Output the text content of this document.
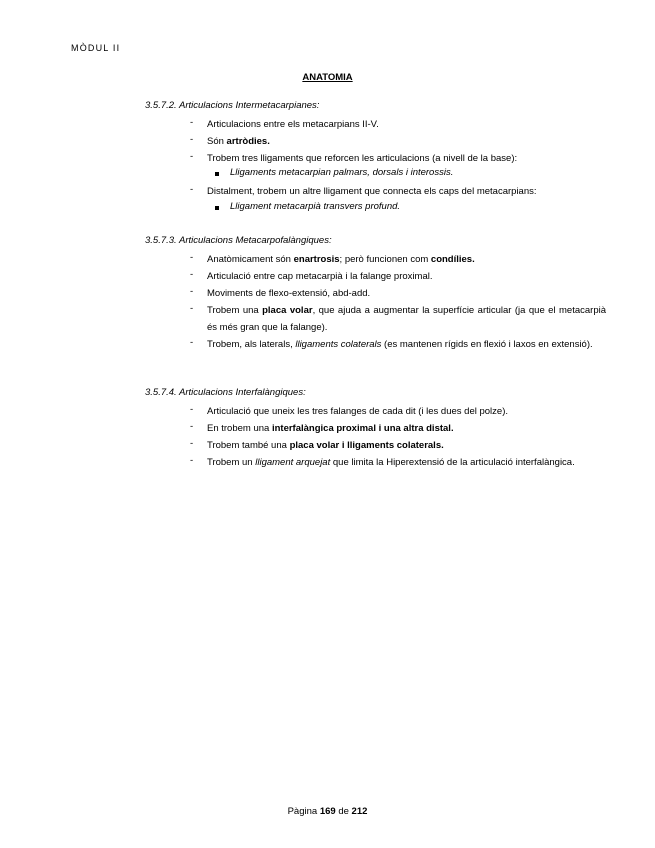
MÒDUL II
ANATOMIA
3.5.7.2. Articulacions Intermetacarpianes:
- Articulacions entre els metacarpians II-V.
- Són artròdies.
- Trobem tres lligaments que reforcen les articulacions (a nivell de la base):
Lligaments metacarpian palmars, dorsals i interossis.
- Distalment, trobem un altre lligament que connecta els caps del metacarpians:
Lligament metacarpià transvers profund.
3.5.7.3. Articulacions Metacarpofalàngiques:
- Anatòmicament són enartrosis; però funcionen com condílies.
- Articulació entre cap metacarpià i la falange proximal.
- Moviments de flexo-extensió, abd-add.
- Trobem una placa volar, que ajuda a augmentar la superfície articular (ja que el metacarpià és més gran que la falange).
- Trobem, als laterals, lligaments colaterals (es mantenen rígids en flexió i laxos en extensió).
3.5.7.4. Articulacions Interfalàngiques:
- Articulació que uneix les tres falanges de cada dit (i les dues del polze).
- En trobem una interfalàngica proximal i una altra distal.
- Trobem també una placa volar i lligaments colaterals.
- Trobem un lligament arquejat que limita la Hiperextensió de la articulació interfalàngica.
Pàgina 169 de 212
